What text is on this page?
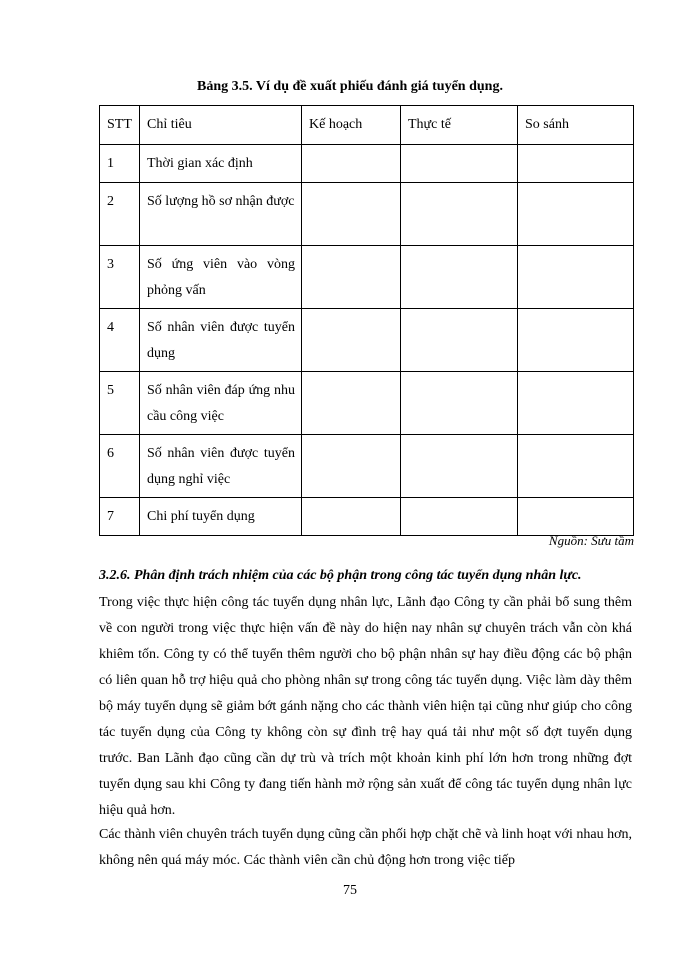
Bảng 3.5. Ví dụ đề xuất phiếu đánh giá tuyển dụng.
STT	Chỉ tiêu	Kế hoạch	Thực tế	So sánh

1	Thời gian xác định			

2	Số lượng hồ sơ nhận được			

3	Số ứng viên vào vòng phỏng vấn			

4	Số nhân viên được tuyển dụng			

5	Số nhân viên đáp ứng nhu cầu công việc			

6	Số nhân viên được tuyển dụng nghỉ việc			

7	Chi phí tuyển dụng			

Nguồn: Sưu tầm
3.2.6. Phân định trách nhiệm của các bộ phận trong công tác tuyển dụng nhân lực.
Trong việc thực hiện công tác tuyển dụng nhân lực, Lãnh đạo Công ty cần phải bổ sung thêm về con người trong việc thực hiện vấn đề này do hiện nay nhân sự chuyên trách vẫn còn khá khiêm tốn. Công ty có thể tuyển thêm người cho bộ phận nhân sự hay điều động các bộ phận có liên quan hỗ trợ hiệu quả cho phòng nhân sự trong công tác tuyển dụng. Việc làm dày thêm bộ máy tuyển dụng sẽ giảm bớt gánh nặng cho các thành viên hiện tại cũng như giúp cho công tác tuyển dụng của Công ty không còn sự đình trệ hay quá tải như một số đợt tuyển dụng trước. Ban Lãnh đạo cũng cần dự trù và trích một khoản kinh phí lớn hơn trong những đợt tuyển dụng sau khi Công ty đang tiến hành mở rộng sản xuất để công tác tuyển dụng nhân lực hiệu quả hơn.
Các thành viên chuyên trách tuyển dụng cũng cần phối hợp chặt chẽ và linh hoạt với nhau hơn, không nên quá máy móc. Các thành viên cần chủ động hơn trong việc tiếp
75
